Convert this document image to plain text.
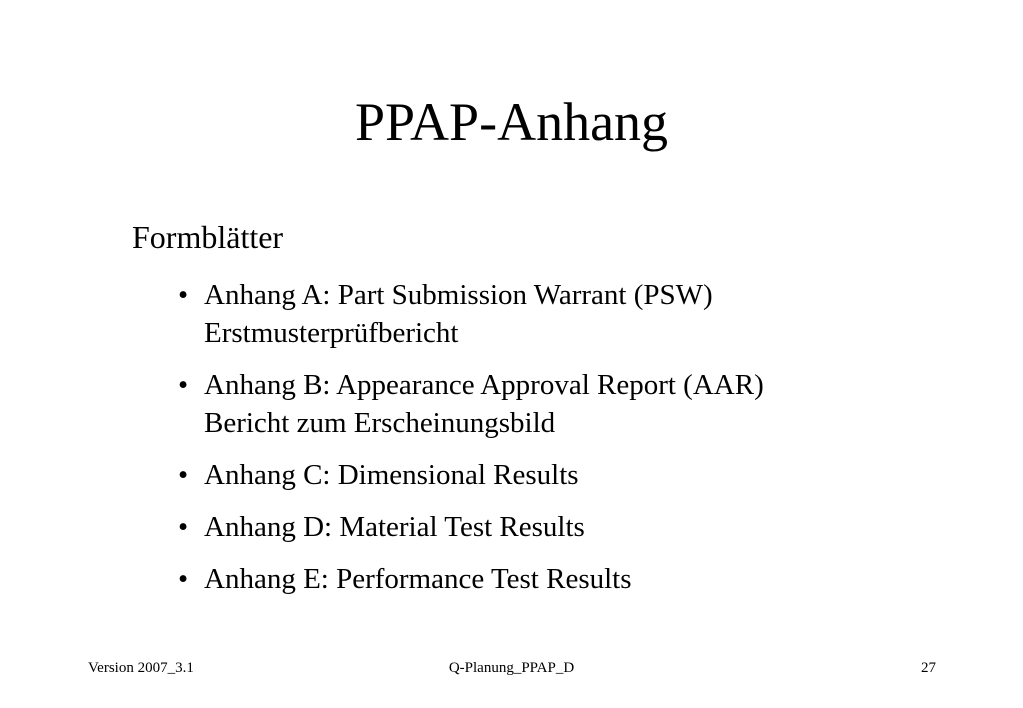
PPAP-Anhang
Formblätter
• Anhang A: Part Submission Warrant (PSW)
Erstmusterprüfbericht
• Anhang B: Appearance Approval Report (AAR)
Bericht zum Erscheinungsbild
• Anhang C: Dimensional Results
• Anhang D: Material Test Results
• Anhang E: Performance Test Results
Version 2007_3.1	Q-Planung_PPAP_D	27
